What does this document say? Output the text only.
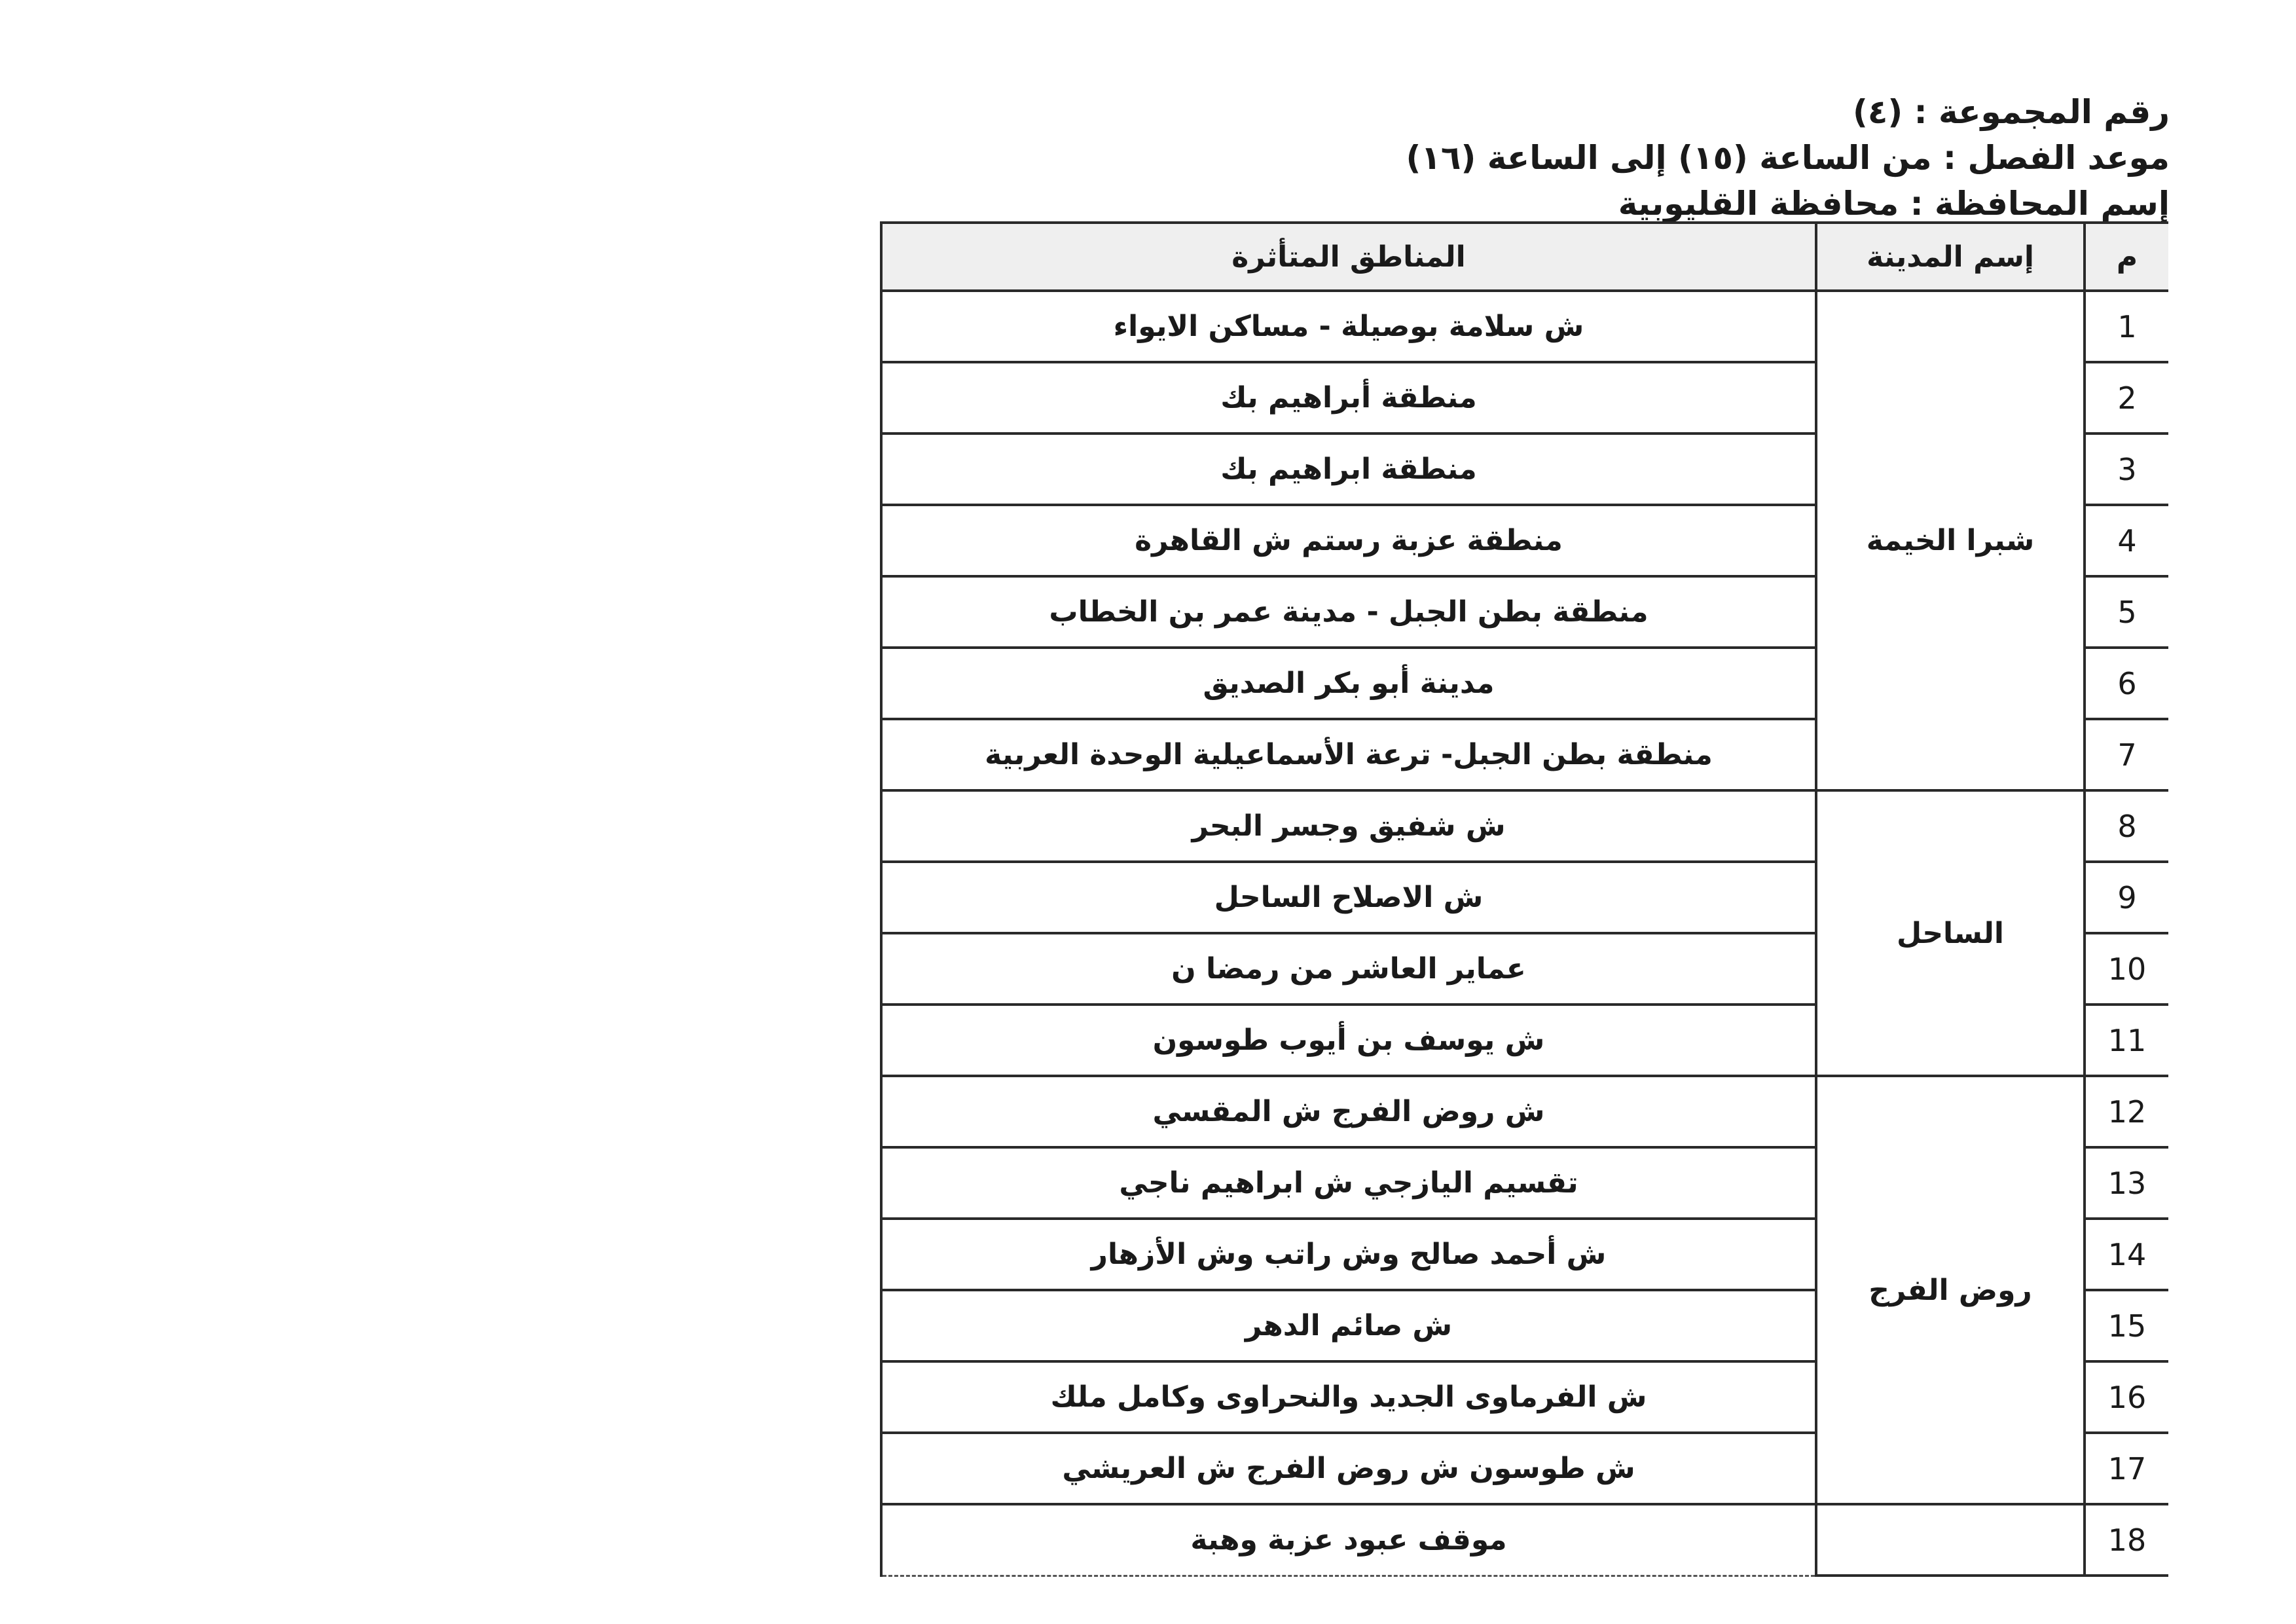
رقم المجموعة : (٤)
موعد الفصل : من الساعة (١٥) إلى الساعة (١٦)
إسم المحافظة : محافظة القليوبية
م	إسم المدينة	المناطق المتأثرة
1	شبرا الخيمة	ش سلامة بوصيلة - مساكن الايواء
2		منطقة أبراهيم بك
3		منطقة ابراهيم بك
4		منطقة عزبة رستم ش القاهرة
5		منطقة بطن الجبل - مدينة عمر بن الخطاب
6		مدينة أبو بكر الصديق
7		منطقة بطن الجبل- ترعة الأسماعيلية الوحدة العربية
8	الساحل	ش شفيق وجسر البحر
9		ش الاصلاح الساحل
10		عماير العاشر من رمضا ن
11		ش يوسف بن أيوب طوسون
12	روض الفرج	ش روض الفرج ش المقسي
13		تقسيم اليازجي ش ابراهيم ناجي
14		ش أحمد صالح وش راتب وش الأزهار
15		ش صائم الدهر
16		ش الفرماوى الجديد والنحراوى وكامل ملك
17		ش طوسون ش روض الفرج ش العريشي
18		موقف عبود عزبة وهبة
